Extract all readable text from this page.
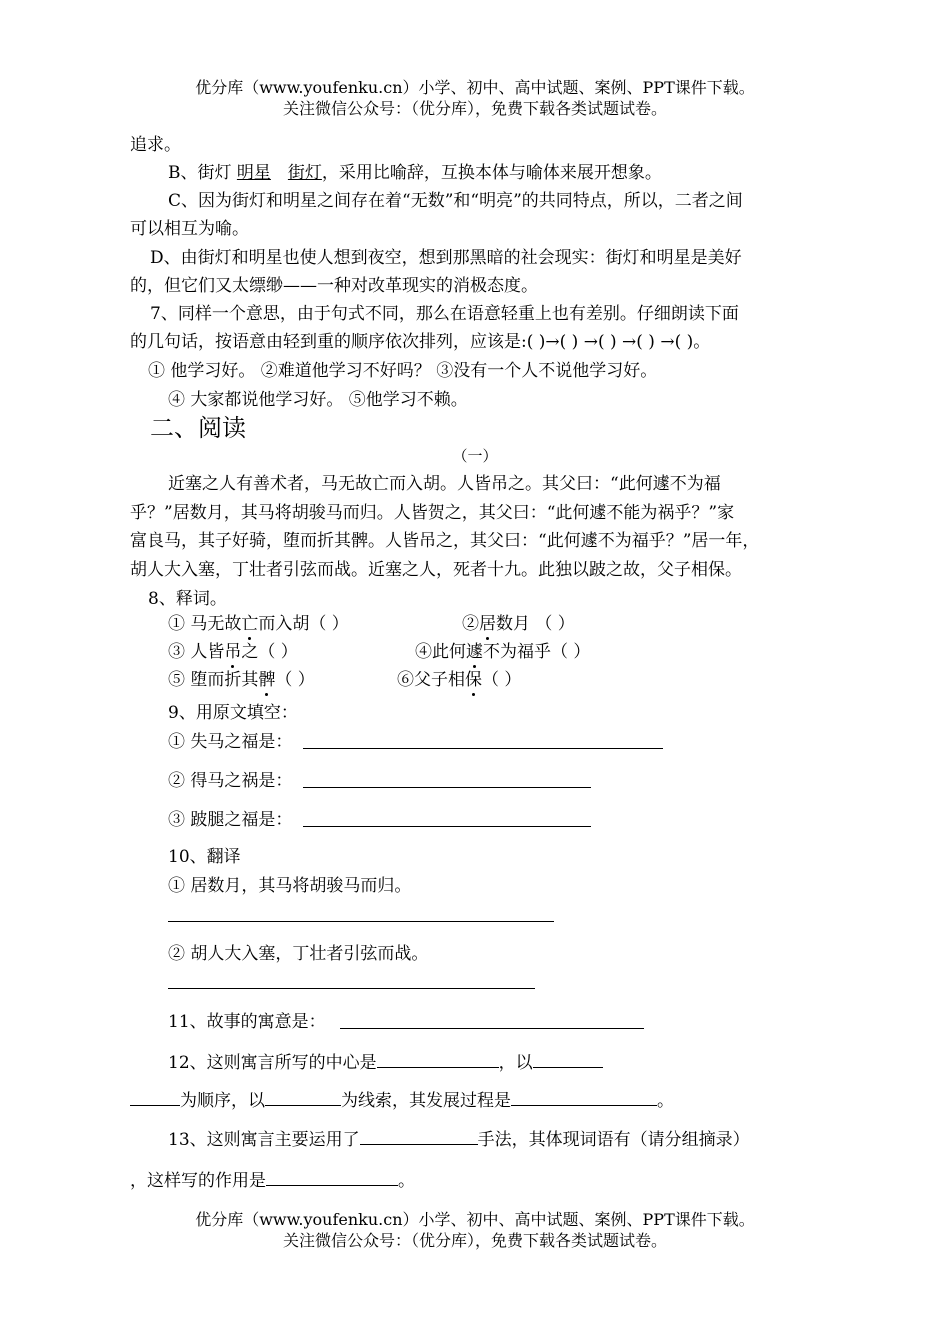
优分库（www.youfenku.cn）小学、初中、高中试题、案例、PPT课件下载。
关注微信公众号：（优分库），免费下载各类试题试卷。
追求。
B、街灯 明星　 街灯，采用比喻辞，互换本体与喻体来展开想象。
C、因为街灯和明星之间存在着“无数”和“明亮”的共同特点，所以，二者之间
可以相互为喻。
D、由街灯和明星也使人想到夜空，想到那黑暗的社会现实：街灯和明星是美好
的，但它们又太缥缈——一种对改革现实的消极态度。
7、同样一个意思，由于句式不同，那么在语意轻重上也有差别。仔细朗读下面
的几句话，按语意由轻到重的顺序依次排列，应该是:( )→( ) →( ) →( ) →( )。
① 他学习好。 ②难道他学习不好吗？ ③没有一个人不说他学习好。
④ 大家都说他学习好。 ⑤他学习不赖。
二、阅读
（一）
近塞之人有善术者，马无故亡而入胡。人皆吊之。其父曰：“此何遽不为福
乎？”居数月，其马将胡骏马而归。人皆贺之，其父曰：“此何遽不能为祸乎？”家
富良马，其子好骑，堕而折其髀。人皆吊之，其父曰：“此何遽不为福乎？”居一年，
胡人大入塞，丁壮者引弦而战。近塞之人，死者十九。此独以跛之故，父子相保。
8、释词。
① 马无故亡而入胡（ ）	②居数月 （ ）
③ 人皆吊之（ ）	④此何遽不为福乎（ ）
⑤ 堕而折其髀（ ）	⑥父子相保（ ）
9、用原文填空：
① 失马之福是：
② 得马之祸是：
③ 跛腿之福是：
10、翻译
① 居数月，其马将胡骏马而归。
② 胡人大入塞，丁壮者引弦而战。
11、故事的寓意是：
12、这则寓言所写的中心是	，以
为顺序，以	为线索，其发展过程是	。
13、这则寓言主要运用了	手法，其体现词语有（请分组摘录）
，这样写的作用是	。
优分库（www.youfenku.cn）小学、初中、高中试题、案例、PPT课件下载。
关注微信公众号：（优分库），免费下载各类试题试卷。
